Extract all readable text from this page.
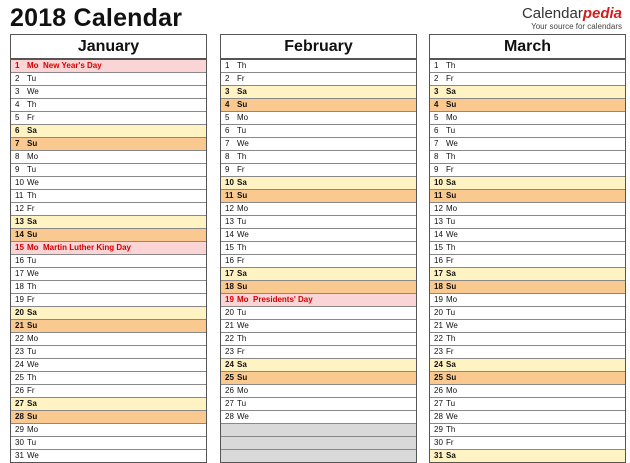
2018 Calendar	Calendarpedia
Your source for calendars
January
1 Mo New Year's Day
2 Tu
3 We
4 Th
5 Fr
6 Sa
7 Su
8 Mo
9 Tu
10 We
11 Th
12 Fr
13 Sa
14 Su
15 Mo Martin Luther King Day
16 Tu
17 We
18 Th
19 Fr
20 Sa
21 Su
22 Mo
23 Tu
24 We
25 Th
26 Fr
27 Sa
28 Su
29 Mo
30 Tu
31 We
February
1 Th
2 Fr
3 Sa
4 Su
5 Mo
6 Tu
7 We
8 Th
9 Fr
10 Sa
11 Su
12 Mo
13 Tu
14 We
15 Th
16 Fr
17 Sa
18 Su
19 Mo Presidents' Day
20 Tu
21 We
22 Th
23 Fr
24 Sa
25 Su
26 Mo
27 Tu
28 We
March
1 Th
2 Fr
3 Sa
4 Su
5 Mo
6 Tu
7 We
8 Th
9 Fr
10 Sa
11 Su
12 Mo
13 Tu
14 We
15 Th
16 Fr
17 Sa
18 Su
19 Mo
20 Tu
21 We
22 Th
23 Fr
24 Sa
25 Su
26 Mo
27 Tu
28 We
29 Th
30 Fr
31 Sa
